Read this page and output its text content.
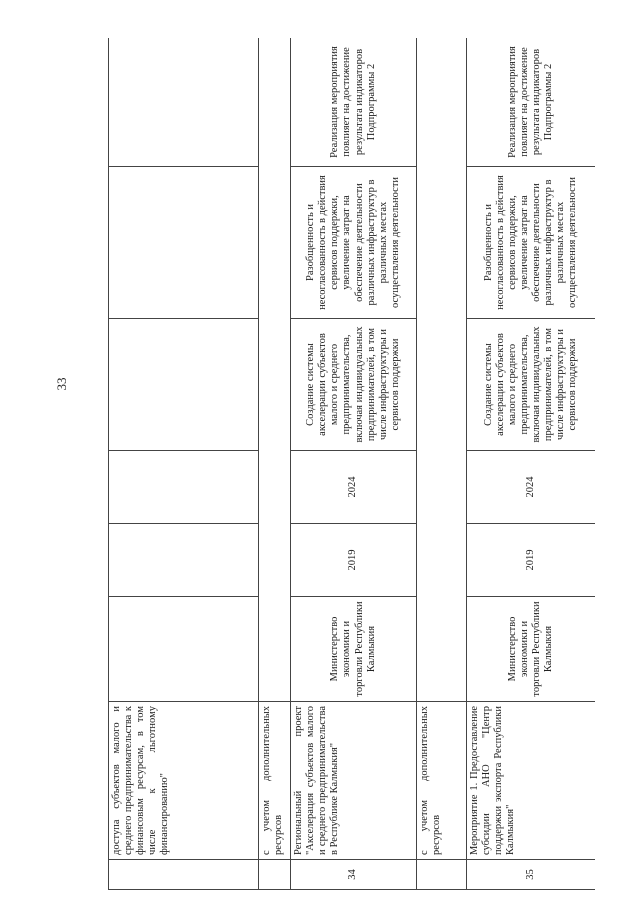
33
	доступа субъектов малого и среднего предпринимательства к финансовым ресурсам, в том числе к льготному финансированию"						
	с учетом дополнительных ресурсов						
34	Региональный проект "Акселерация субъектов малого и среднего предпринимательства в Республике Калмыкия"	Министерство экономики и торговли Республики Калмыкия	2019	2024	Создание системы акселерации субъектов малого и среднего предпринимательства, включая индивидуальных предпринимателей, в том числе инфраструктуры и сервисов поддержки	Разобщенность и несогласованность в действия сервисов поддержки, увеличение затрат на обеспечение деятельности различных инфраструктур в различных местах осуществления деятельности	Реализация мероприятия повлияет на достижение результата индикаторов Подпрограммы 2
	с учетом дополнительных ресурсов						
35	Мероприятие 1. Предоставление субсидии АНО "Центр поддержки экспорта Республики Калмыкия"	Министерство экономики и торговли Республики Калмыкия	2019	2024	Создание системы акселерации субъектов малого и среднего предпринимательства, включая индивидуальных предпринимателей, в том числе инфраструктуры и сервисов поддержки	Разобщенность и несогласованность в действия сервисов поддержки, увеличение затрат на обеспечение деятельности различных инфраструктур в различных местах осуществления деятельности	Реализация мероприятия повлияет на достижение результата индикаторов Подпрограммы 2
